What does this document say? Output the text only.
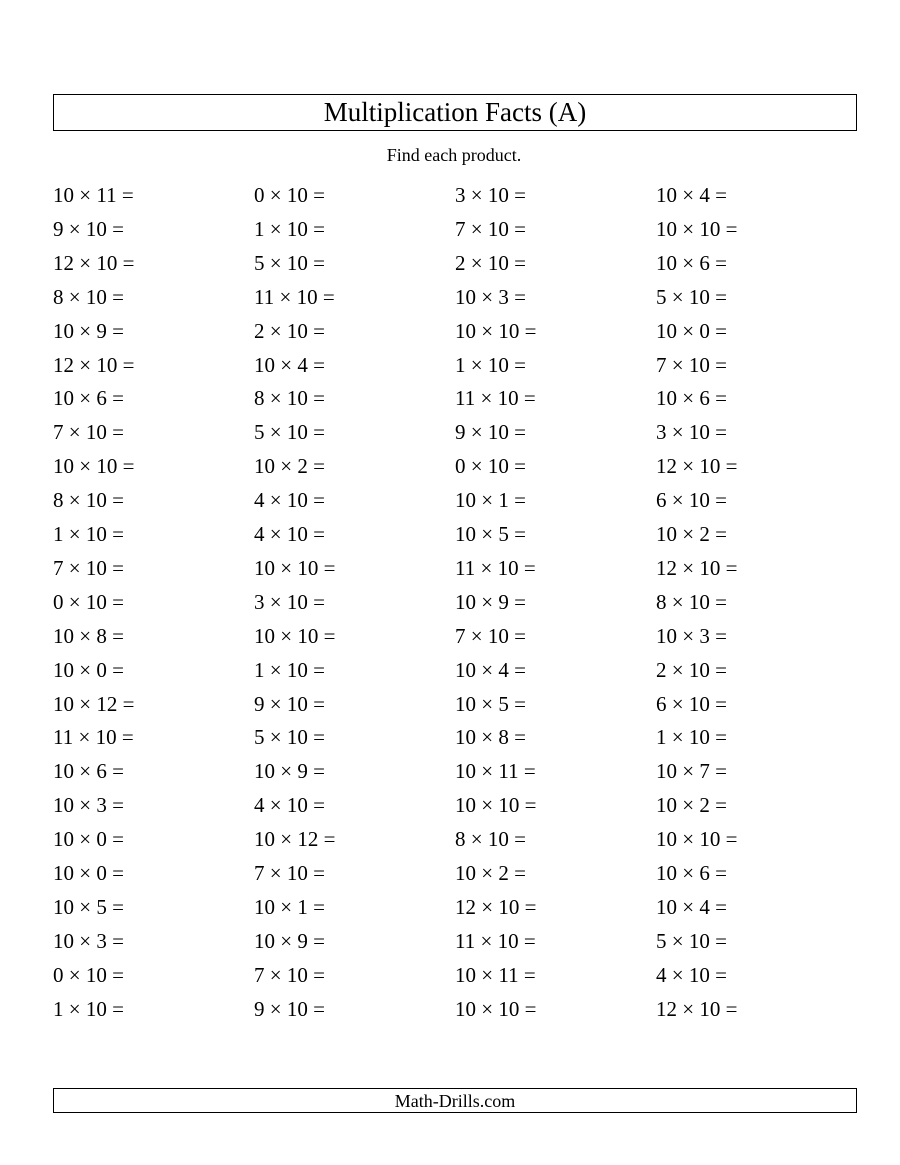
Multiplication Facts (A)
Find each product.
10 × 11 =	0 × 10 =	3 × 10 =	10 × 4 =
9 × 10 =	1 × 10 =	7 × 10 =	10 × 10 =
12 × 10 =	5 × 10 =	2 × 10 =	10 × 6 =
8 × 10 =	11 × 10 =	10 × 3 =	5 × 10 =
10 × 9 =	2 × 10 =	10 × 10 =	10 × 0 =
12 × 10 =	10 × 4 =	1 × 10 =	7 × 10 =
10 × 6 =	8 × 10 =	11 × 10 =	10 × 6 =
7 × 10 =	5 × 10 =	9 × 10 =	3 × 10 =
10 × 10 =	10 × 2 =	0 × 10 =	12 × 10 =
8 × 10 =	4 × 10 =	10 × 1 =	6 × 10 =
1 × 10 =	4 × 10 =	10 × 5 =	10 × 2 =
7 × 10 =	10 × 10 =	11 × 10 =	12 × 10 =
0 × 10 =	3 × 10 =	10 × 9 =	8 × 10 =
10 × 8 =	10 × 10 =	7 × 10 =	10 × 3 =
10 × 0 =	1 × 10 =	10 × 4 =	2 × 10 =
10 × 12 =	9 × 10 =	10 × 5 =	6 × 10 =
11 × 10 =	5 × 10 =	10 × 8 =	1 × 10 =
10 × 6 =	10 × 9 =	10 × 11 =	10 × 7 =
10 × 3 =	4 × 10 =	10 × 10 =	10 × 2 =
10 × 0 =	10 × 12 =	8 × 10 =	10 × 10 =
10 × 0 =	7 × 10 =	10 × 2 =	10 × 6 =
10 × 5 =	10 × 1 =	12 × 10 =	10 × 4 =
10 × 3 =	10 × 9 =	11 × 10 =	5 × 10 =
0 × 10 =	7 × 10 =	10 × 11 =	4 × 10 =
1 × 10 =	9 × 10 =	10 × 10 =	12 × 10 =
Math-Drills.com
